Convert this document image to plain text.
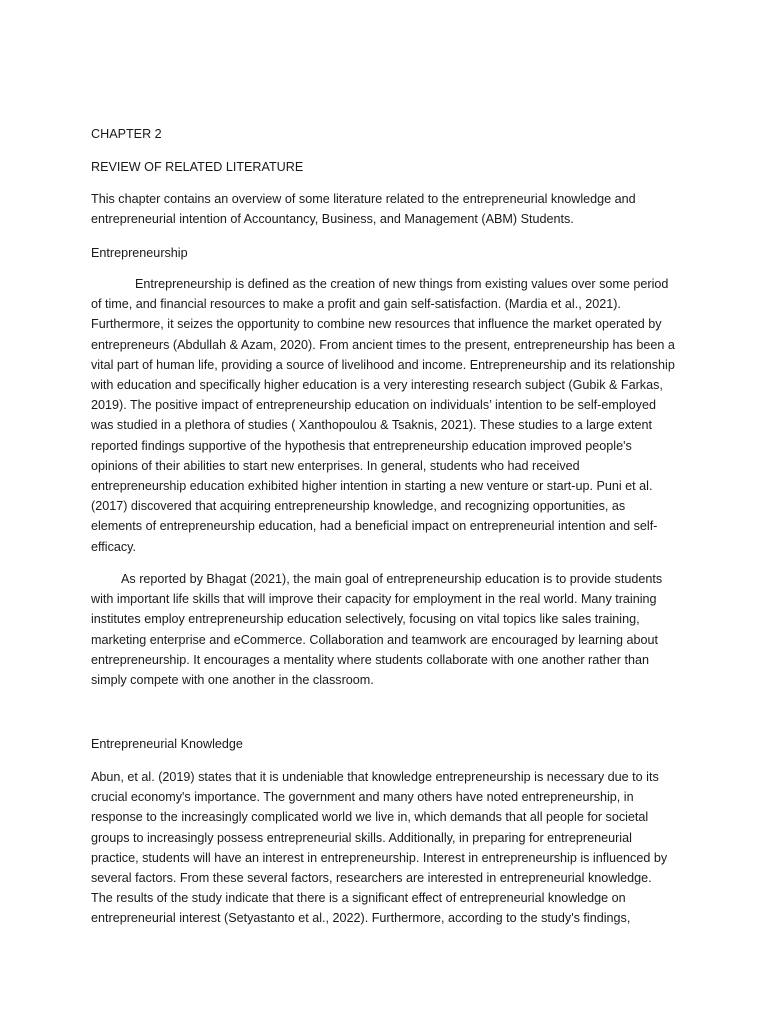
CHAPTER 2

REVIEW OF RELATED LITERATURE

This chapter contains an overview of some literature related to the entrepreneurial knowledge and entrepreneurial intention of Accountancy, Business, and Management (ABM) Students.

Entrepreneurship

Entrepreneurship is defined as the creation of new things from existing values over some period of time, and financial resources to make a profit and gain self-satisfaction. (Mardia et al., 2021). Furthermore, it seizes the opportunity to combine new resources that influence the market operated by entrepreneurs (Abdullah & Azam, 2020). From ancient times to the present, entrepreneurship has been a vital part of human life, providing a source of livelihood and income. Entrepreneurship and its relationship with education and specifically higher education is a very interesting research subject (Gubik & Farkas, 2019). The positive impact of entrepreneurship education on individuals’ intention to be self-employed was studied in a plethora of studies ( Xanthopoulou & Tsaknis, 2021). These studies to a large extent reported findings supportive of the hypothesis that entrepreneurship education improved people's opinions of their abilities to start new enterprises. In general, students who had received entrepreneurship education exhibited higher intention in starting a new venture or start-up. Puni et al. (2017) discovered that acquiring entrepreneurship knowledge, and recognizing opportunities, as elements of entrepreneurship education, had a beneficial impact on entrepreneurial intention and self-efficacy.

As reported by Bhagat (2021), the main goal of entrepreneurship education is to provide students with important life skills that will improve their capacity for employment in the real world. Many training institutes employ entrepreneurship education selectively, focusing on vital topics like sales training, marketing enterprise and eCommerce. Collaboration and teamwork are encouraged by learning about entrepreneurship. It encourages a mentality where students collaborate with one another rather than simply compete with one another in the classroom.

Entrepreneurial Knowledge

Abun, et al. (2019) states that it is undeniable that knowledge entrepreneurship is necessary due to its crucial economy's importance. The government and many others have noted entrepreneurship, in response to the increasingly complicated world we live in, which demands that all people for societal groups to increasingly possess entrepreneurial skills. Additionally, in preparing for entrepreneurial practice, students will have an interest in entrepreneurship. Interest in entrepreneurship is influenced by several factors. From these several factors, researchers are interested in entrepreneurial knowledge. The results of the study indicate that there is a significant effect of entrepreneurial knowledge on entrepreneurial interest (Setyastanto et al., 2022). Furthermore, according to the study's findings,
